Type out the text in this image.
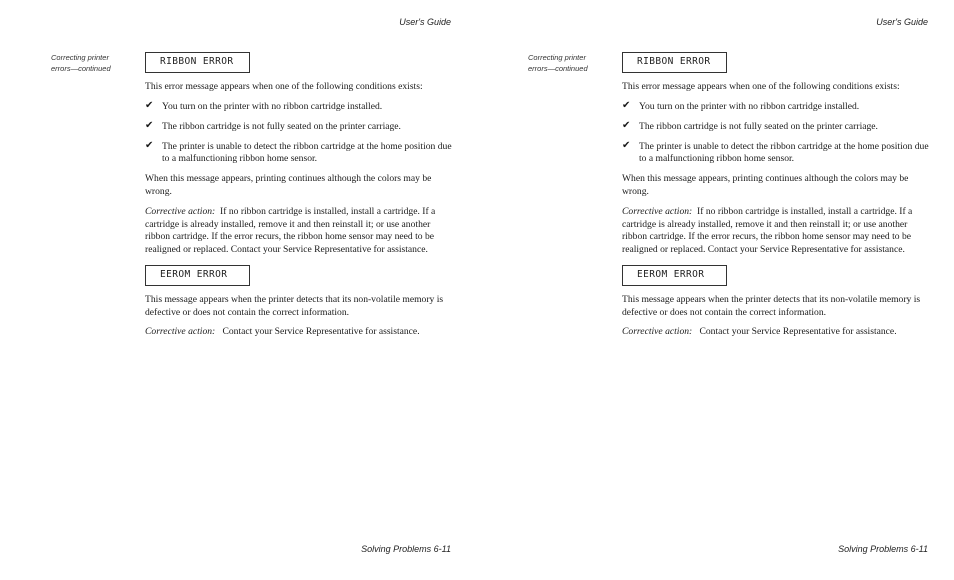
User's Guide
Correcting printer
errors—continued
RIBBON ERROR

This error message appears when one of the following conditions exists:

✔ You turn on the printer with no ribbon cartridge installed.
✔ The ribbon cartridge is not fully seated on the printer carriage.
✔ The printer is unable to detect the ribbon cartridge at the home position due to a malfunctioning ribbon home sensor.

When this message appears, printing continues although the colors may be wrong.

Corrective action: If no ribbon cartridge is installed, install a cartridge. If a cartridge is already installed, remove it and then reinstall it; or use another ribbon cartridge. If the error recurs, the ribbon home sensor may need to be realigned or replaced. Contact your Service Representative for assistance.

EEROM ERROR

This message appears when the printer detects that its non-volatile memory is defective or does not contain the correct information.

Corrective action: Contact your Service Representative for assistance.

Solving Problems 6-11
User's Guide
Correcting printer
errors—continued
RIBBON ERROR

This error message appears when one of the following conditions exists:

✔ You turn on the printer with no ribbon cartridge installed.
✔ The ribbon cartridge is not fully seated on the printer carriage.
✔ The printer is unable to detect the ribbon cartridge at the home position due to a malfunctioning ribbon home sensor.

When this message appears, printing continues although the colors may be wrong.

Corrective action: If no ribbon cartridge is installed, install a cartridge. If a cartridge is already installed, remove it and then reinstall it; or use another ribbon cartridge. If the error recurs, the ribbon home sensor may need to be realigned or replaced. Contact your Service Representative for assistance.

EEROM ERROR

This message appears when the printer detects that its non-volatile memory is defective or does not contain the correct information.

Corrective action: Contact your Service Representative for assistance.

Solving Problems 6-11
